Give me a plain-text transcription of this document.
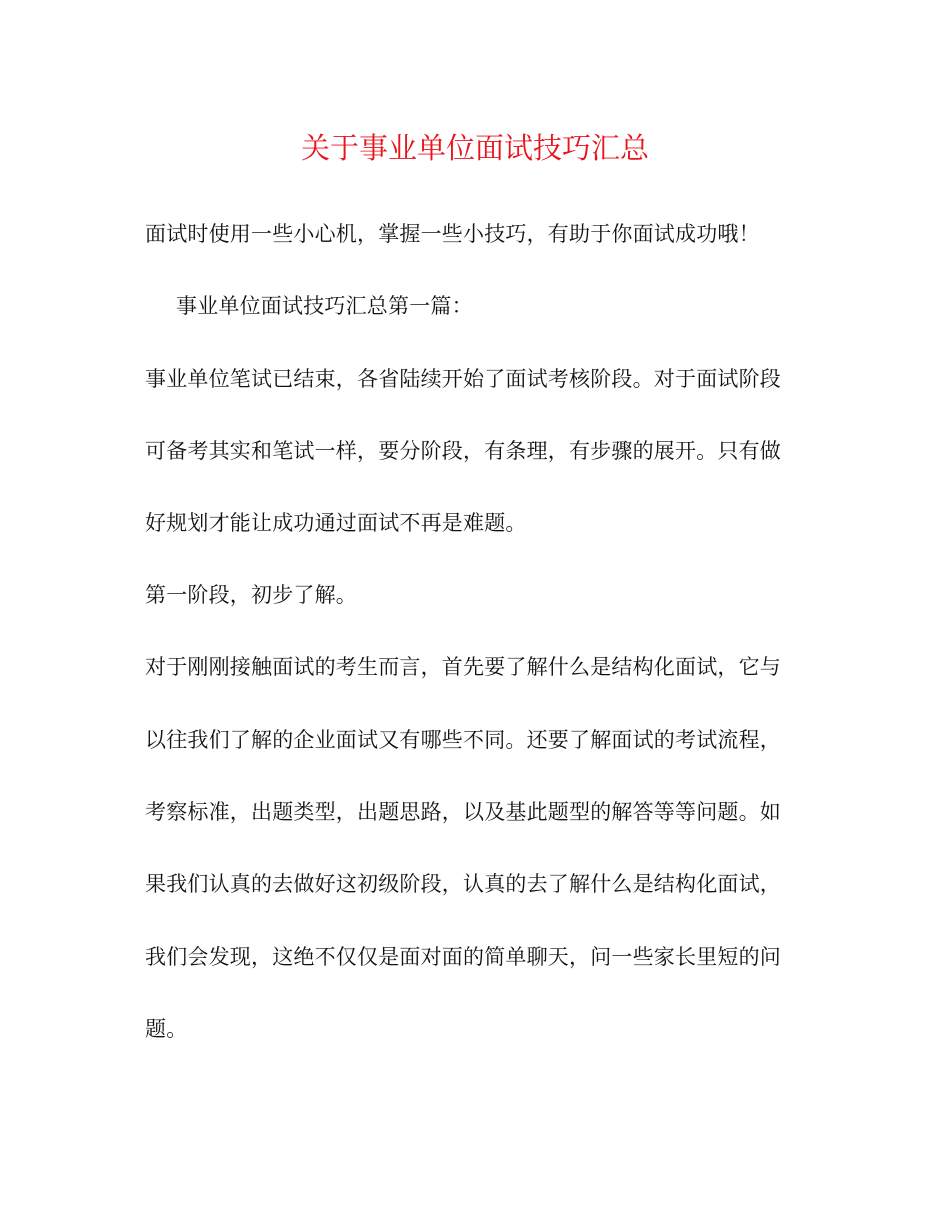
关于事业单位面试技巧汇总
面试时使用一些小心机，掌握一些小技巧，有助于你面试成功哦！
事业单位面试技巧汇总第一篇：
事业单位笔试已结束，各省陆续开始了面试考核阶段。对于面试阶段
可备考其实和笔试一样，要分阶段，有条理，有步骤的展开。只有做
好规划才能让成功通过面试不再是难题。
第一阶段，初步了解。
对于刚刚接触面试的考生而言，首先要了解什么是结构化面试，它与
以往我们了解的企业面试又有哪些不同。还要了解面试的考试流程，
考察标准，出题类型，出题思路，以及基此题型的解答等等问题。如
果我们认真的去做好这初级阶段，认真的去了解什么是结构化面试，
我们会发现，这绝不仅仅是面对面的简单聊天，问一些家长里短的问
题。
